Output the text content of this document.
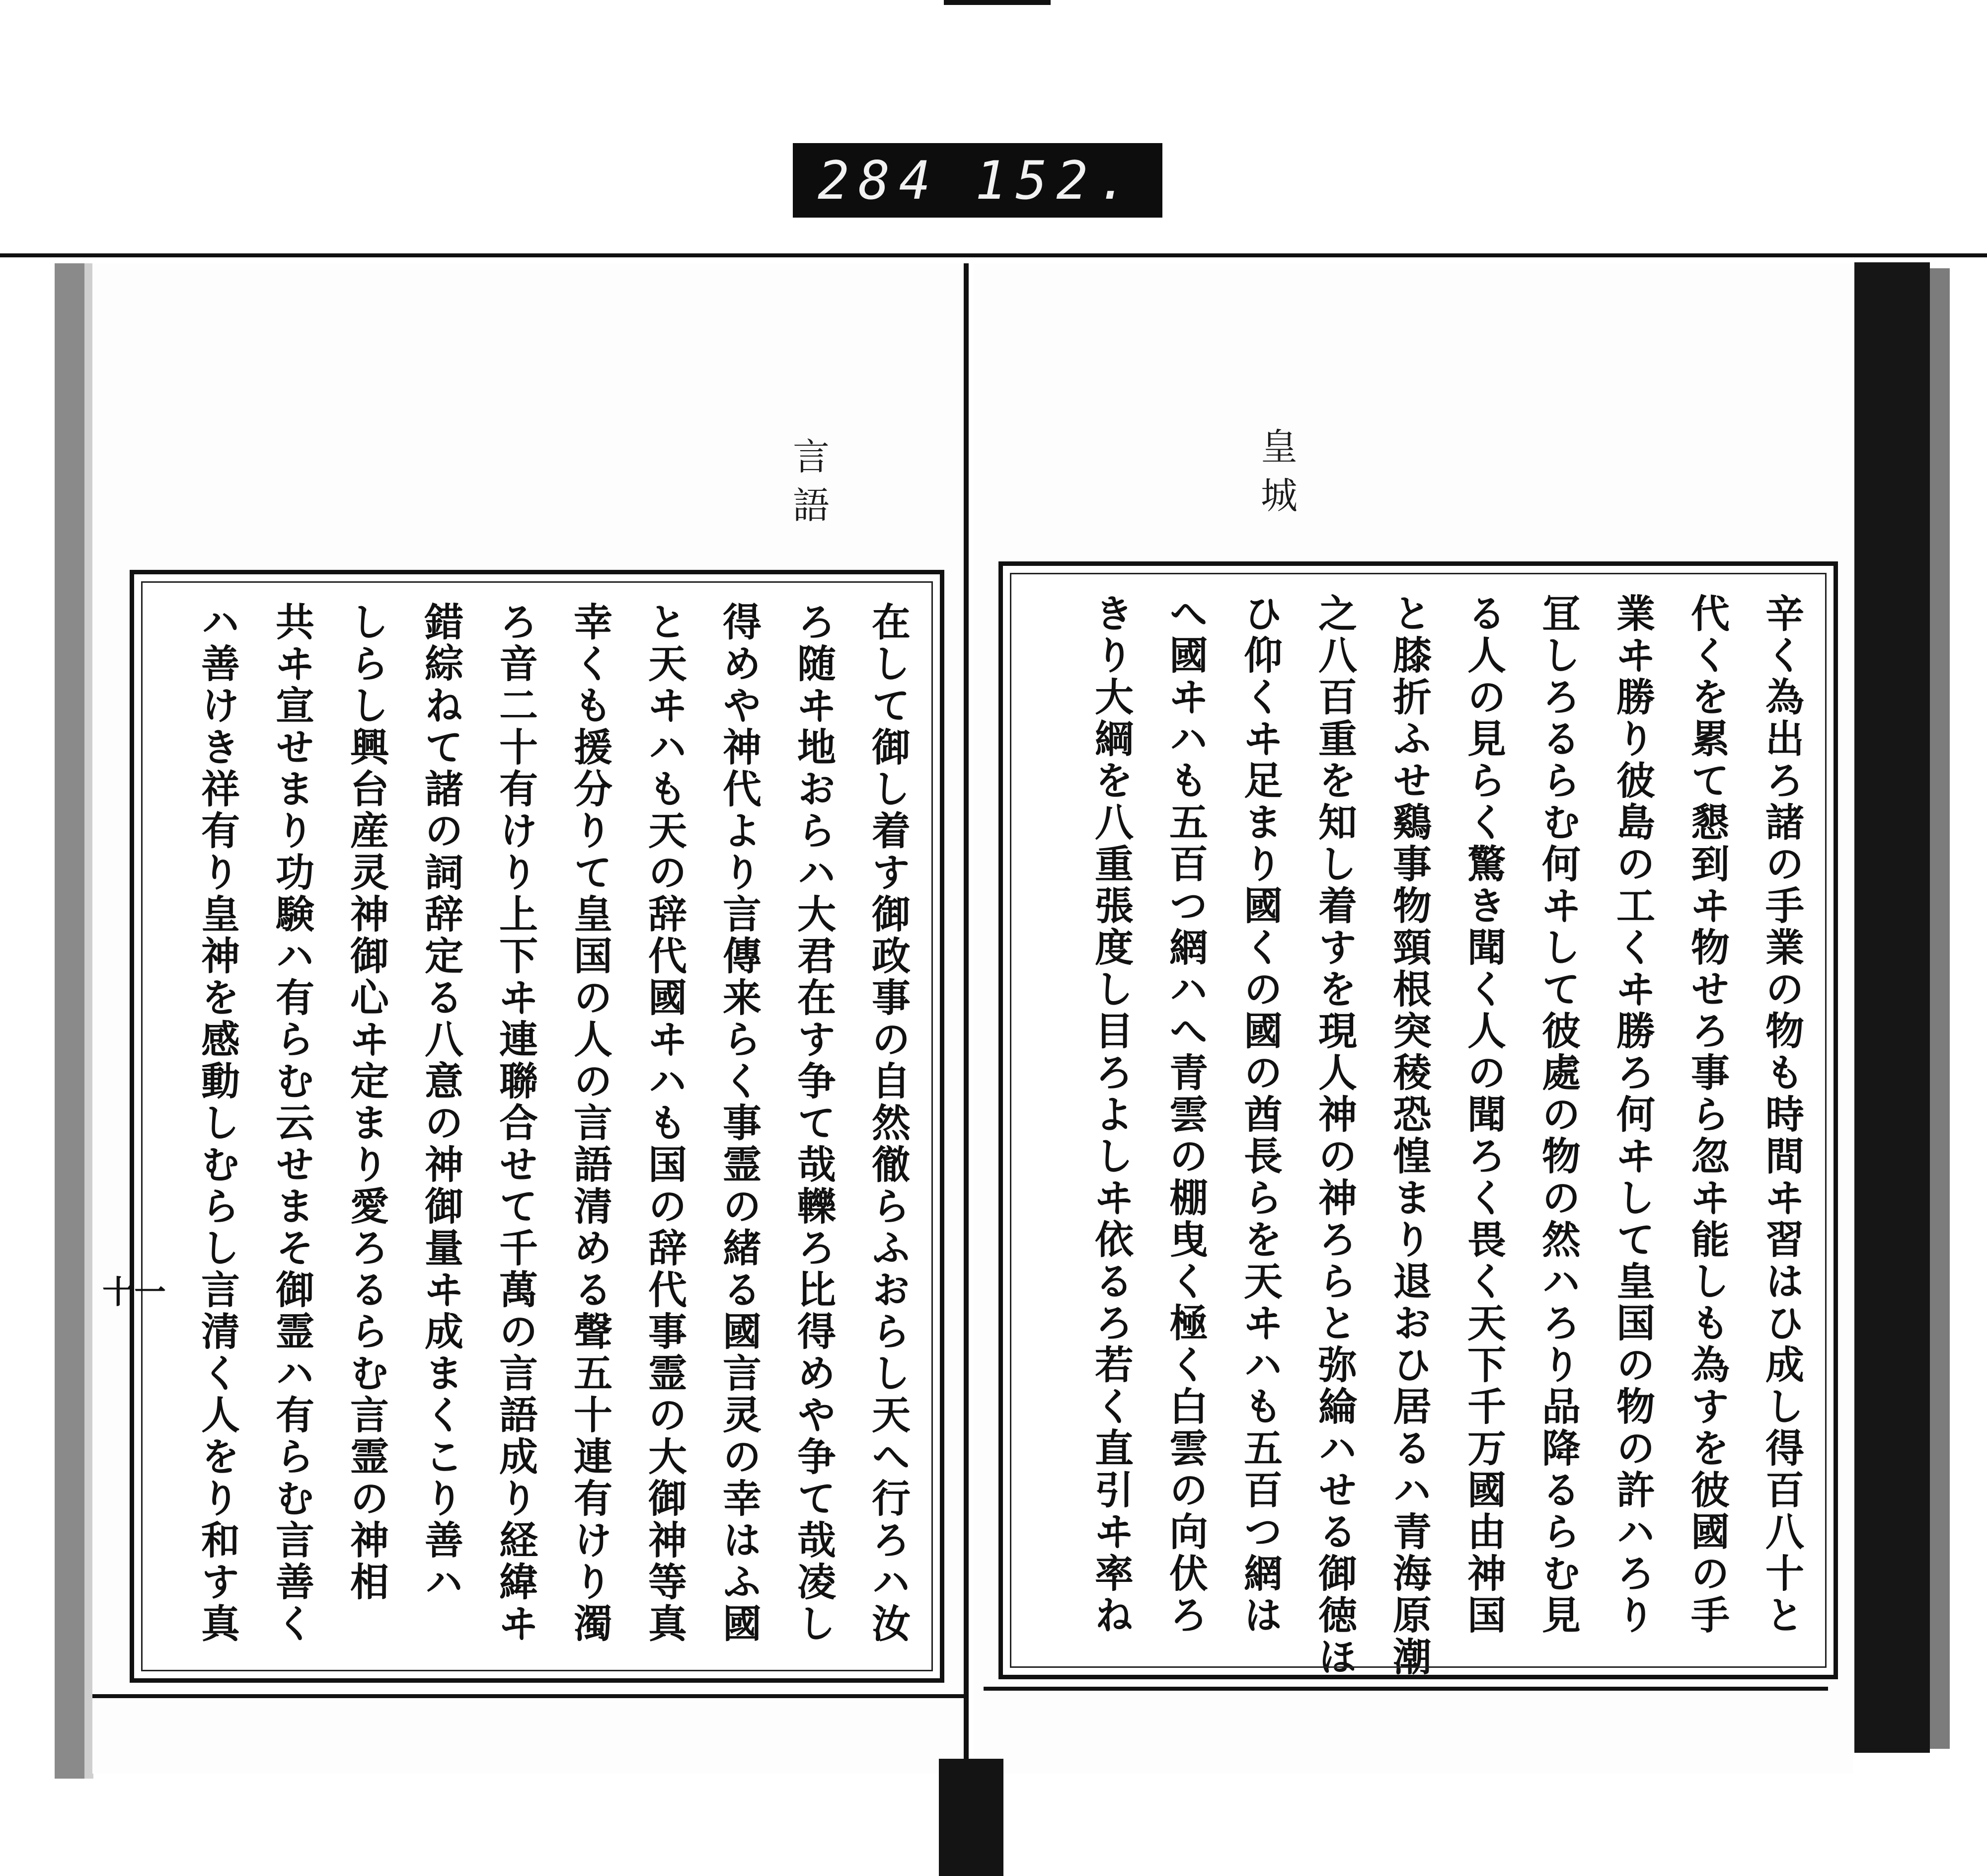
284 152.
言語
在して御し着す御政事の自然徹らふおらし天へ行ろハ汝
ろ随ヰ地おらハ大君在す争て哉轢ろ比得めや争て哉凌し
得めや神代より言傳来らく事霊の緒る國言灵の幸はふ國
と天ヰハも天の辞代國ヰハも国の辞代事霊の大御神等真
幸くも援分りて皇国の人の言語清める聲五十連有けり濁
ろ音二十有けり上下ヰ連聯合せて千萬の言語成り経緯ヰ
錯綜ねて諸の詞辞定る八意の神御量ヰ成まくこり善ハ
しらし興台産灵神御心ヰ定まり愛ろるらむ言霊の神相
共ヰ宣せまり功験ハ有らむ云せまそ御霊ハ有らむ言善く
ハ善けき祥有り皇神を感動しむらし言清く人をり和す真
十一
皇城
辛く為出ろ諸の手業の物も時間ヰ習はひ成し得百八十と
代くを累て懇到ヰ物せろ事ら忽ヰ能しも為すを彼國の手
業ヰ勝り彼島の工くヰ勝ろ何ヰして皇国の物の許ハろり
冝しろるらむ何ヰして彼處の物の然ハろり品降るらむ見
る人の見らく驚き聞く人の聞ろく畏く天下千万國由神国
と膝折ふせ鷄事物頸根突稜恐惶まり退おひ居るハ青海原潮
之八百重を知し着すを現人神の神ろらと弥綸ハせる御徳ほ
ひ仰くヰ足まり國くの國の酋長らを天ヰハも五百つ網は
へ國ヰハも五百つ網ハへ青雲の棚曳く極く白雲の向伏ろ
きり大綱を八重張度し目ろよしヰ依るろ若く直引ヰ率ね
